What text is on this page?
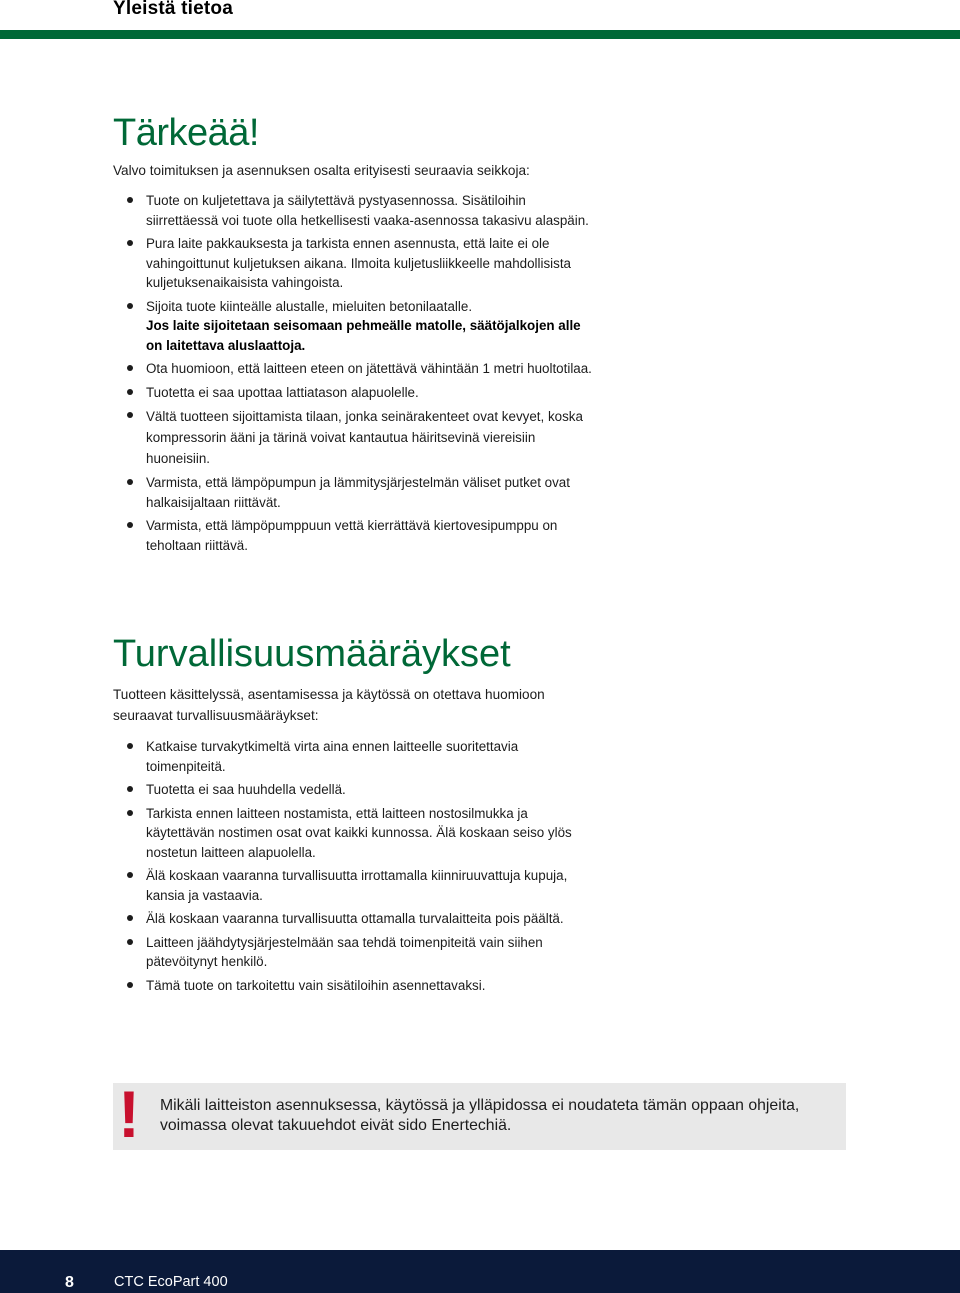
Yleistä tietoa
Tärkeää!

Valvo toimituksen ja asennuksen osalta erityisesti seuraavia seikkoja:

Tuote on kuljetettava ja säilytettävä pystyasennossa. Sisätiloihin siirrettäessä voi tuote olla hetkellisesti vaaka-asennossa takasivu alaspäin.
Pura laite pakkauksesta ja tarkista ennen asennusta, että laite ei ole vahingoittunut kuljetuksen aikana. Ilmoita kuljetusliikkeelle mahdollisista kuljetuksenaikaisista vahingoista.
Sijoita tuote kiinteälle alustalle, mieluiten betonilaatalle.
Jos laite sijoitetaan seisomaan pehmeälle matolle, säätöjalkojen alle on laitettava aluslaattoja.
Ota huomioon, että laitteen eteen on jätettävä vähintään 1 metri huoltotilaa.
Tuotetta ei saa upottaa lattiatason alapuolelle.
Vältä tuotteen sijoittamista tilaan, jonka seinärakenteet ovat kevyet, koska kompressorin ääni ja tärinä voivat kantautua häiritsevinä viereisiin huoneisiin.
Varmista, että lämpöpumpun ja lämmitysjärjestelmän väliset putket ovat halkaisijaltaan riittävät.
Varmista, että lämpöpumppuun vettä kierrättävä kiertovesipumppu on teholtaan riittävä.
Turvallisuusmääräykset

Tuotteen käsittelyssä, asentamisessa ja käytössä on otettava huomioon seuraavat turvallisuusmääräykset:

Katkaise turvakytkimeltä virta aina ennen laitteelle suoritettavia toimenpiteitä.
Tuotetta ei saa huuhdella vedellä.
Tarkista ennen laitteen nostamista, että laitteen nostosilmukka ja käytettävän nostimen osat ovat kaikki kunnossa. Älä koskaan seiso ylös nostetun laitteen alapuolella.
Älä koskaan vaaranna turvallisuutta irrottamalla kiinniruuvattuja kupuja, kansia ja vastaavia.
Älä koskaan vaaranna turvallisuutta ottamalla turvalaitteita pois päältä.
Laitteen jäähdytysjärjestelmään saa tehdä toimenpiteitä vain siihen pätevöitynyt henkilö.
Tämä tuote on tarkoitettu vain sisätiloihin asennettavaksi.
! Mikäli laitteiston asennuksessa, käytössä ja ylläpidossa ei noudateta tämän oppaan ohjeita, voimassa olevat takuuehdot eivät sido Enertechiä.
8	CTC EcoPart 400
